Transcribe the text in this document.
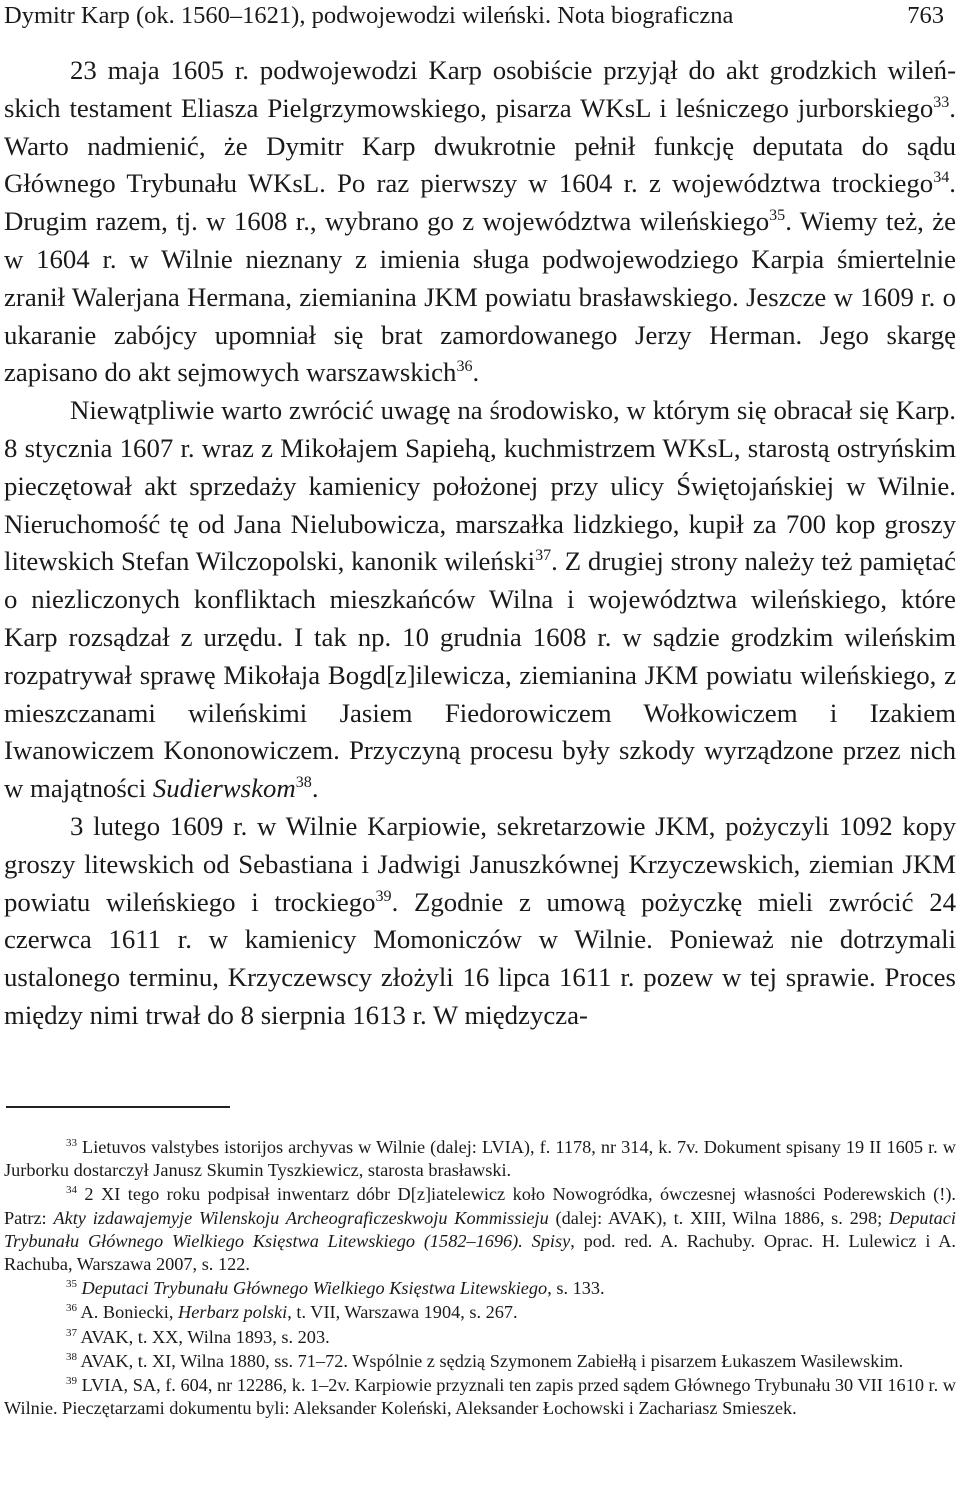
Dymitr Karp (ok. 1560–1621), podwojewodzi wileński. Nota biograficzna	763

23 maja 1605 r. podwojewodzi Karp osobiście przyjął do akt grodzkich wileńskich testament Eliasza Pielgrzymowskiego, pisarza WKsL i leśniczego jurborskiego$^{33}$. Warto nadmienić, że Dymitr Karp dwukrotnie pełnił funkcję deputata do sądu Głównego Trybunału WKsL. Po raz pierwszy w 1604 r. z województwa trockiego$^{34}$. Drugim razem, tj. w 1608 r., wybrano go z województwa wileńskiego$^{35}$. Wiemy też, że w 1604 r. w Wilnie nieznany z imienia sługa podwojewodziego Karpia śmiertelnie zranił Walerjana Hermana, ziemianina JKM powiatu brasławskiego. Jeszcze w 1609 r. o ukaranie zabójcy upomniał się brat zamordowanego Jerzy Herman. Jego skargę zapisano do akt sejmowych warszawskich$^{36}$.

Niewątpliwie warto zwrócić uwagę na środowisko, w którym się obracał się Karp. 8 stycznia 1607 r. wraz z Mikołajem Sapiehą, kuchmistrzem WKsL, starostą ostryńskim pieczętował akt sprzedaży kamienicy położonej przy ulicy Świętojańskiej w Wilnie. Nieruchomość tę od Jana Nielubowicza, marszałka lidzkiego, kupił za 700 kop groszy litewskich Stefan Wilczopolski, kanonik wileński$^{37}$. Z drugiej strony należy też pamiętać o niezliczonych konfliktach mieszkańców Wilna i województwa wileńskiego, które Karp rozsądzał z urzędu. I tak np. 10 grudnia 1608 r. w sądzie grodzkim wileńskim rozpatrywał sprawę Mikołaja Bogd[z]ilewicza, ziemianina JKM powiatu wileńskiego, z mieszczanami wileńskimi Jasiem Fiedorowiczem Wołkowiczem i Izakiem Iwanowiczem Kononowiczem. Przyczyną procesu były szkody wyrządzone przez nich w majątności Sudierwskom$^{38}$.

3 lutego 1609 r. w Wilnie Karpiowie, sekretarzowie JKM, pożyczyli 1092 kopy groszy litewskich od Sebastiana i Jadwigi Januszkównej Krzyczewskich, ziemian JKM powiatu wileńskiego i trockiego$^{39}$. Zgodnie z umową pożyczkę mieli zwrócić 24 czerwca 1611 r. w kamienicy Momoniczów w Wilnie. Ponieważ nie dotrzymali ustalonego terminu, Krzyczewscy złożyli 16 lipca 1611 r. pozew w tej sprawie. Proces między nimi trwał do 8 sierpnia 1613 r. W międzycza-

$^{33}$ Lietuvos valstybes istorijos archyvas w Wilnie (dalej: LVIA), f. 1178, nr 314, k. 7v. Dokument spisany 19 II 1605 r. w Jurborku dostarczył Janusz Skumin Tyszkiewicz, starosta brasławski.

$^{34}$ 2 XI tego roku podpisał inwentarz dóbr D[z]iatelewicz koło Nowogródka, ówczesnej własności Poderewskich (!). Patrz: Akty izdawajemyje Wilenskoju Archeograficzeskwoju Kommissieju (dalej: AVAK), t. XIII, Wilna 1886, s. 298; Deputaci Trybunału Głównego Wielkiego Księstwa Litewskiego (1582–1696). Spisy, pod. red. A. Rachuby. Oprac. H. Lulewicz i A. Rachuba, Warszawa 2007, s. 122.

$^{35}$ Deputaci Trybunału Głównego Wielkiego Księstwa Litewskiego, s. 133.

$^{36}$ A. Boniecki, Herbarz polski, t. VII, Warszawa 1904, s. 267.

$^{37}$ AVAK, t. XX, Wilna 1893, s. 203.

$^{38}$ AVAK, t. XI, Wilna 1880, ss. 71–72. Wspólnie z sędzią Szymonem Zabiełłą i pisarzem Łukaszem Wasilewskim.

$^{39}$ LVIA, SA, f. 604, nr 12286, k. 1–2v. Karpiowie przyznali ten zapis przed sądem Głównego Trybunału 30 VII 1610 r. w Wilnie. Pieczętarzami dokumentu byli: Aleksander Koleński, Aleksander Łochowski i Zachariasz Smieszek.
